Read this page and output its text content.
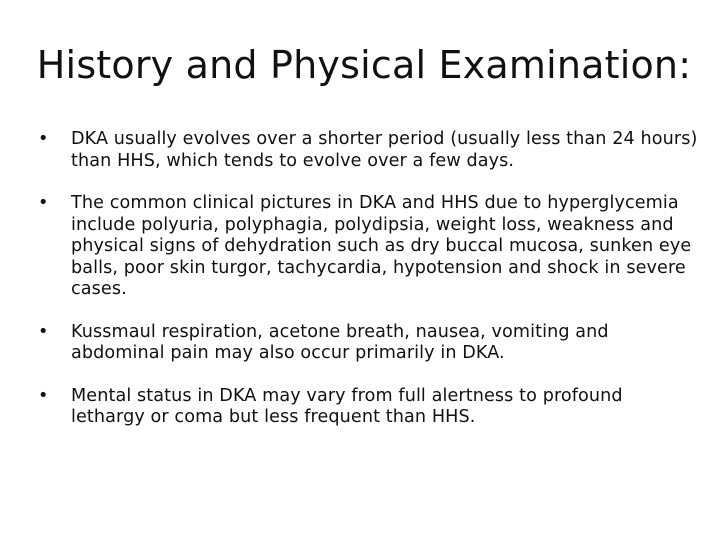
History and Physical Examination:
• DKA usually evolves over a shorter period (usually less than 24 hours) than HHS, which tends to evolve over a few days.
• The common clinical pictures in DKA and HHS due to hyperglycemia include polyuria, polyphagia, polydipsia, weight loss, weakness and physical signs of dehydration such as dry buccal mucosa, sunken eye balls, poor skin turgor, tachycardia, hypotension and shock in severe cases.
• Kussmaul respiration, acetone breath, nausea, vomiting and abdominal pain may also occur primarily in DKA.
• Mental status in DKA may vary from full alertness to profound lethargy or coma but less frequent than HHS.
